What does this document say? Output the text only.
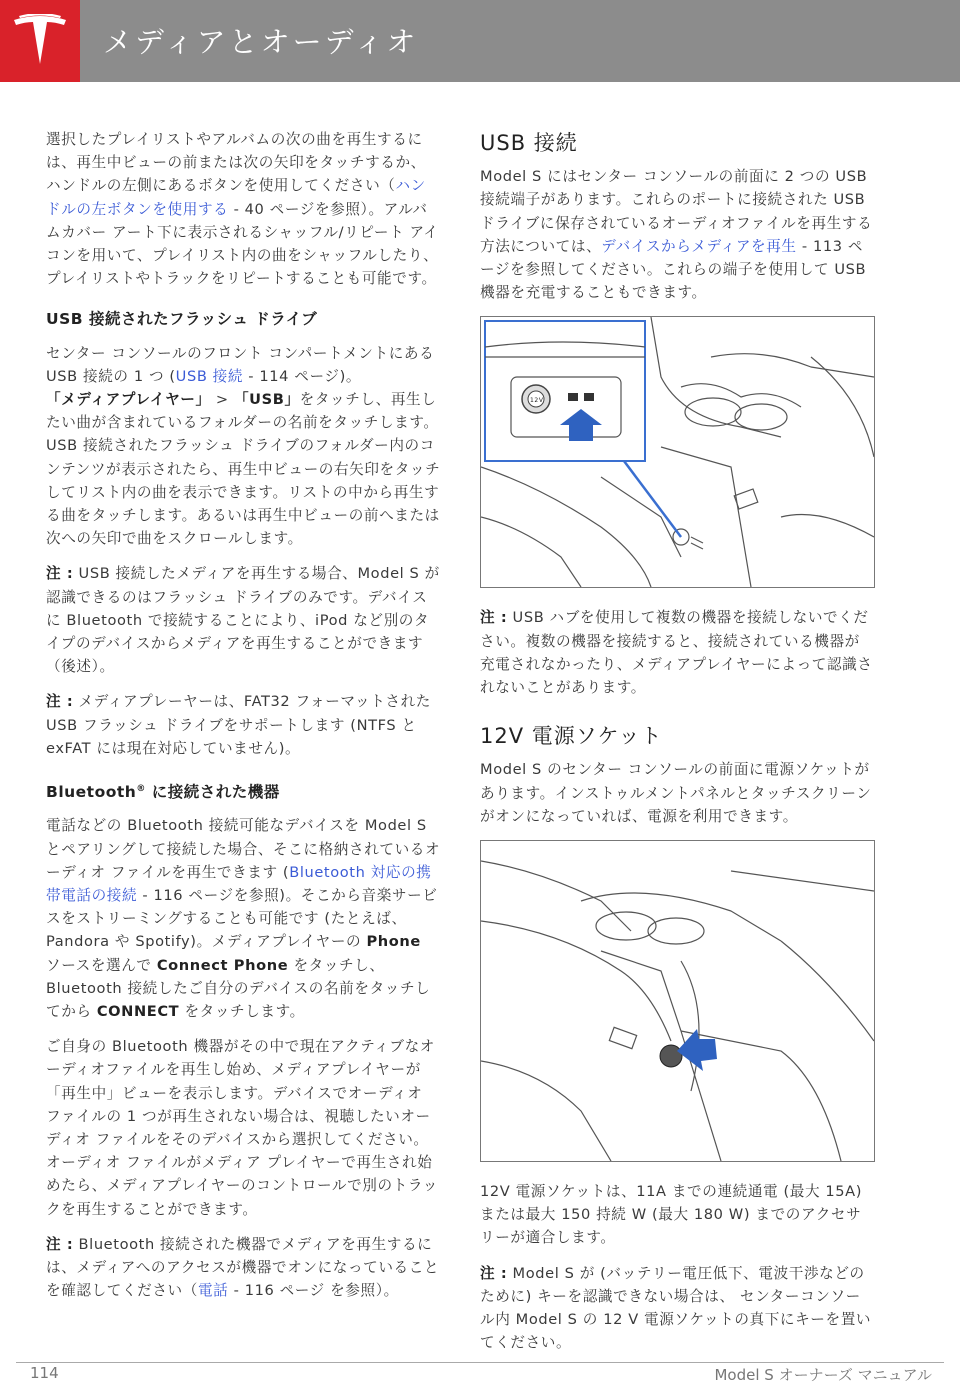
メディアとオーディオ

選択したプレイリストやアルバムの次の曲を再生するには、再生中ビューの前または次の矢印をタッチするか、ハンドルの左側にあるボタンを使用してください（ハンドルの左ボタンを使用する - 40 ページを参照）。アルバムカバー アート下に表示されるシャッフル/リピート アイコンを用いて、プレイリスト内の曲をシャッフルしたり、プレイリストやトラックをリピートすることも可能です。

USB 接続されたフラッシュ ドライブ

センター コンソールのフロント コンパートメントにある USB 接続の 1 つ (USB 接続 - 114 ページ)。
「メディアプレイヤー」 > 「USB」をタッチし、再生したい曲が含まれているフォルダーの名前をタッチします。USB 接続されたフラッシュ ドライブのフォルダー内のコンテンツが表示されたら、再生中ビューの右矢印をタッチしてリスト内の曲を表示できます。リストの中から再生する曲をタッチします。あるいは再生中ビューの前へまたは次への矢印で曲をスクロールします。

注 : USB 接続したメディアを再生する場合、Model S が認識できるのはフラッシュ ドライブのみです。デバイスに Bluetooth で接続することにより、iPod など別のタイプのデバイスからメディアを再生することができます（後述）。

注 : メディアプレーヤーは、FAT32 フォーマットされた USB フラッシュ ドライブをサポートします (NTFS と exFAT には現在対応していません)。

Bluetooth® に接続された機器

電話などの Bluetooth 接続可能なデバイスを Model S とペアリングして接続した場合、そこに格納されているオーディオ ファイルを再生できます (Bluetooth 対応の携帯電話の接続 - 116 ページを参照)。そこから音楽サービスをストリーミングすることも可能です (たとえば、Pandora や Spotify)。メディアプレイヤーの Phone ソースを選んで Connect Phone をタッチし、Bluetooth 接続したご自分のデバイスの名前をタッチしてから CONNECT をタッチします。

ご自身の Bluetooth 機器がその中で現在アクティブなオーディオファイルを再生し始め、メディアプレイヤーが「再生中」ビューを表示します。デバイスでオーディオ ファイルの 1 つが再生されない場合は、視聴したいオーディオ ファイルをそのデバイスから選択してください。オーディオ ファイルがメディア プレイヤーで再生され始めたら、メディアプレイヤーのコントロールで別のトラックを再生することができます。

注 : Bluetooth 接続された機器でメディアを再生するには、メディアへのアクセスが機器でオンになっていることを確認してください（電話 - 116 ページ を参照）。

USB 接続

Model S にはセンター コンソールの前面に 2 つの USB 接続端子があります。これらのポートに接続された USB ドライブに保存されているオーディオファイルを再生する方法については、デバイスからメディアを再生 - 113 ページを参照してください。これらの端子を使用して USB 機器を充電することもできます。

12V

注 : USB ハブを使用して複数の機器を接続しないでください。複数の機器を接続すると、接続されている機器が充電されなかったり、メディアプレイヤーによって認識されないことがあります。

12V 電源ソケット

Model S のセンター コンソールの前面に電源ソケットがあります。インストゥルメントパネルとタッチスクリーンがオンになっていれば、電源を利用できます。

12V 電源ソケットは、11A までの連続通電 (最大 15A) または最大 150 持続 W (最大 180 W) までのアクセサリーが適合します。

注 : Model S が (バッテリー電圧低下、電波干渉などのために) キーを認識できない場合は、 センターコンソール内 Model S の 12 V 電源ソケットの真下にキーを置いてください。

114	Model S オーナーズ マニュアル
